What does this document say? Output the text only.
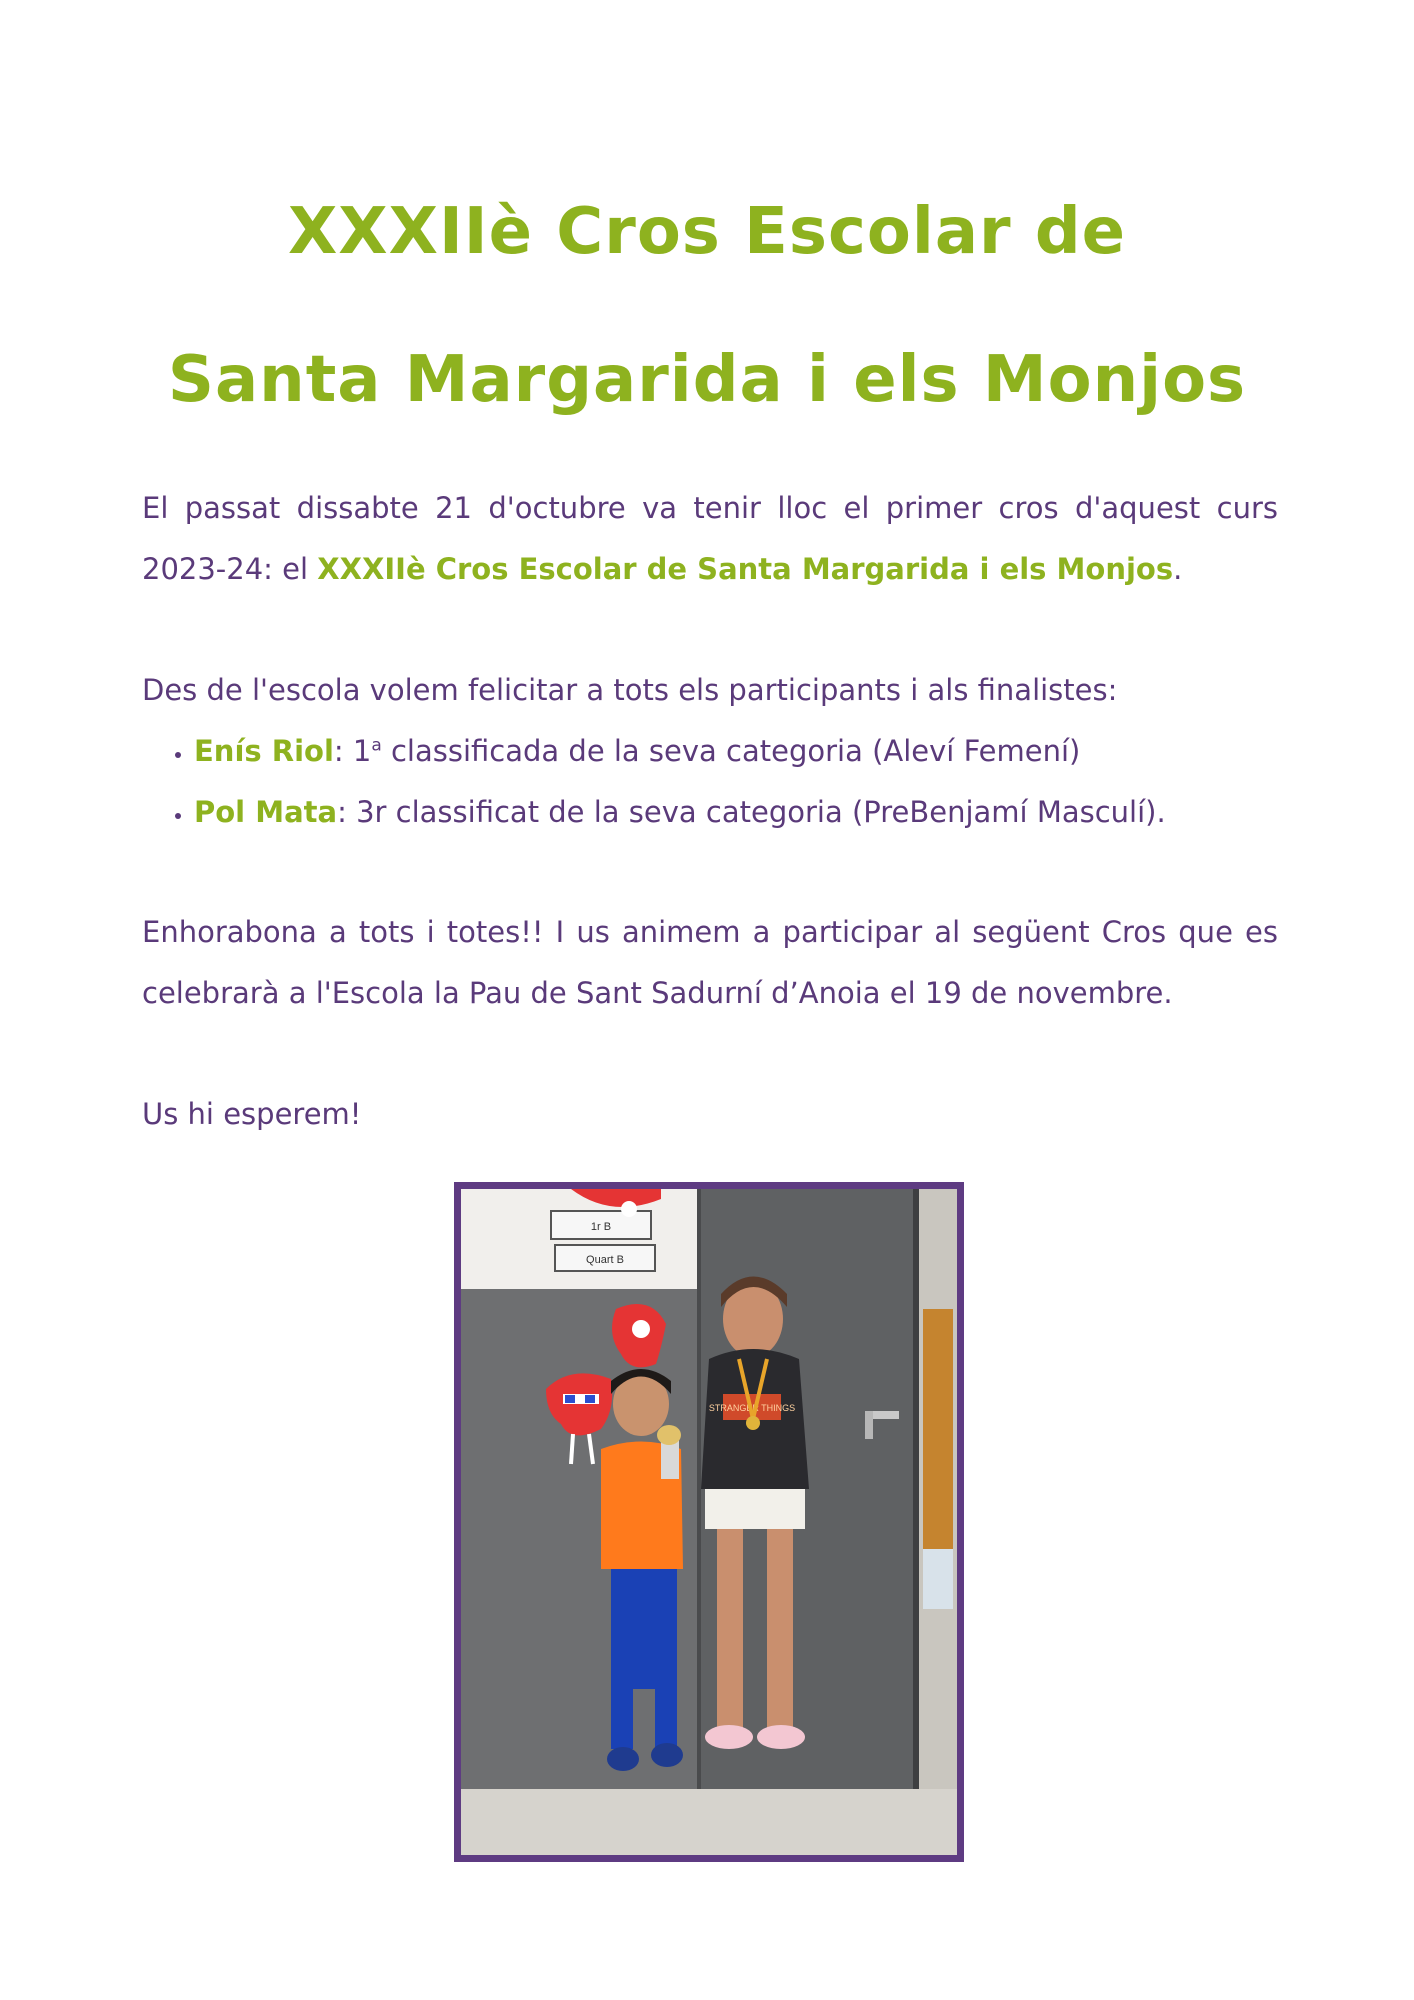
XXXIIè Cros Escolar de
Santa Margarida i els Monjos
El passat dissabte 21 d'octubre va tenir lloc el primer cros d'aquest curs 2023-24: el XXXIIè Cros Escolar de Santa Margarida i els Monjos.
Des de l'escola volem felicitar a tots els participants i als finalistes:
• Enís Riol: 1$^a$ classificada de la seva categoria (Aleví Femení)
• Pol Mata: 3r classificat de la seva categoria (PreBenjamí Masculí).
Enhorabona a tots i totes!! I us animem a participar al següent Cros que es celebrarà a l'Escola la Pau de Sant Sadurní d’Anoia el 19 de novembre.
Us hi esperem!
1r B
Quart B
STRANGER THINGS
